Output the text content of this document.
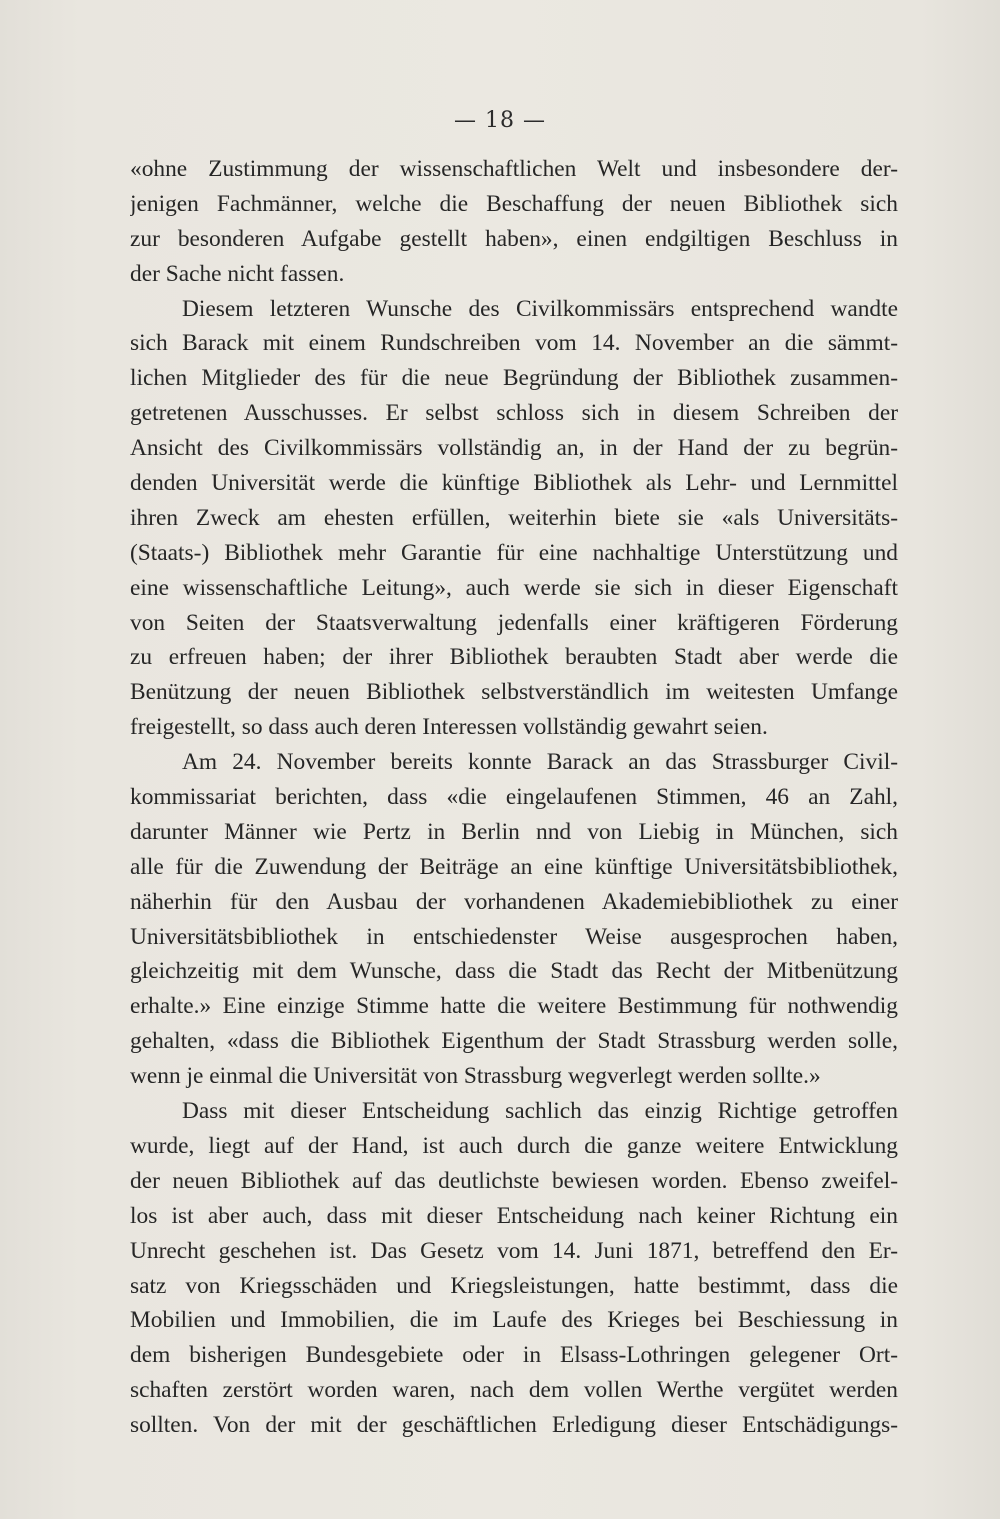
— 18 —

«ohne Zustimmung der wissenschaftlichen Welt und insbesondere der-
jenigen Fachmänner, welche die Beschaffung der neuen Bibliothek sich
zur besonderen Aufgabe gestellt haben», einen endgiltigen Beschluss in
der Sache nicht fassen.
Diesem letzteren Wunsche des Civilkommissärs entsprechend wandte
sich Barack mit einem Rundschreiben vom 14. November an die sämmt-
lichen Mitglieder des für die neue Begründung der Bibliothek zusammen-
getretenen Ausschusses. Er selbst schloss sich in diesem Schreiben der
Ansicht des Civilkommissärs vollständig an, in der Hand der zu begrün-
denden Universität werde die künftige Bibliothek als Lehr- und Lernmittel
ihren Zweck am ehesten erfüllen, weiterhin biete sie «als Universitäts-
(Staats-) Bibliothek mehr Garantie für eine nachhaltige Unterstützung und
eine wissenschaftliche Leitung», auch werde sie sich in dieser Eigenschaft
von Seiten der Staatsverwaltung jedenfalls einer kräftigeren Förderung
zu erfreuen haben; der ihrer Bibliothek beraubten Stadt aber werde die
Benützung der neuen Bibliothek selbstverständlich im weitesten Umfange
freigestellt, so dass auch deren Interessen vollständig gewahrt seien.
Am 24. November bereits konnte Barack an das Strassburger Civil-
kommissariat berichten, dass «die eingelaufenen Stimmen, 46 an Zahl,
darunter Männer wie Pertz in Berlin nnd von Liebig in München, sich
alle für die Zuwendung der Beiträge an eine künftige Universitätsbibliothek,
näherhin für den Ausbau der vorhandenen Akademiebibliothek zu einer
Universitätsbibliothek in entschiedenster Weise ausgesprochen haben,
gleichzeitig mit dem Wunsche, dass die Stadt das Recht der Mitbenützung
erhalte.» Eine einzige Stimme hatte die weitere Bestimmung für nothwendig
gehalten, «dass die Bibliothek Eigenthum der Stadt Strassburg werden solle,
wenn je einmal die Universität von Strassburg wegverlegt werden sollte.»
Dass mit dieser Entscheidung sachlich das einzig Richtige getroffen
wurde, liegt auf der Hand, ist auch durch die ganze weitere Entwicklung
der neuen Bibliothek auf das deutlichste bewiesen worden. Ebenso zweifel-
los ist aber auch, dass mit dieser Entscheidung nach keiner Richtung ein
Unrecht geschehen ist. Das Gesetz vom 14. Juni 1871, betreffend den Er-
satz von Kriegsschäden und Kriegsleistungen, hatte bestimmt, dass die
Mobilien und Immobilien, die im Laufe des Krieges bei Beschiessung in
dem bisherigen Bundesgebiete oder in Elsass-Lothringen gelegener Ort-
schaften zerstört worden waren, nach dem vollen Werthe vergütet werden
sollten. Von der mit der geschäftlichen Erledigung dieser Entschädigungs-
